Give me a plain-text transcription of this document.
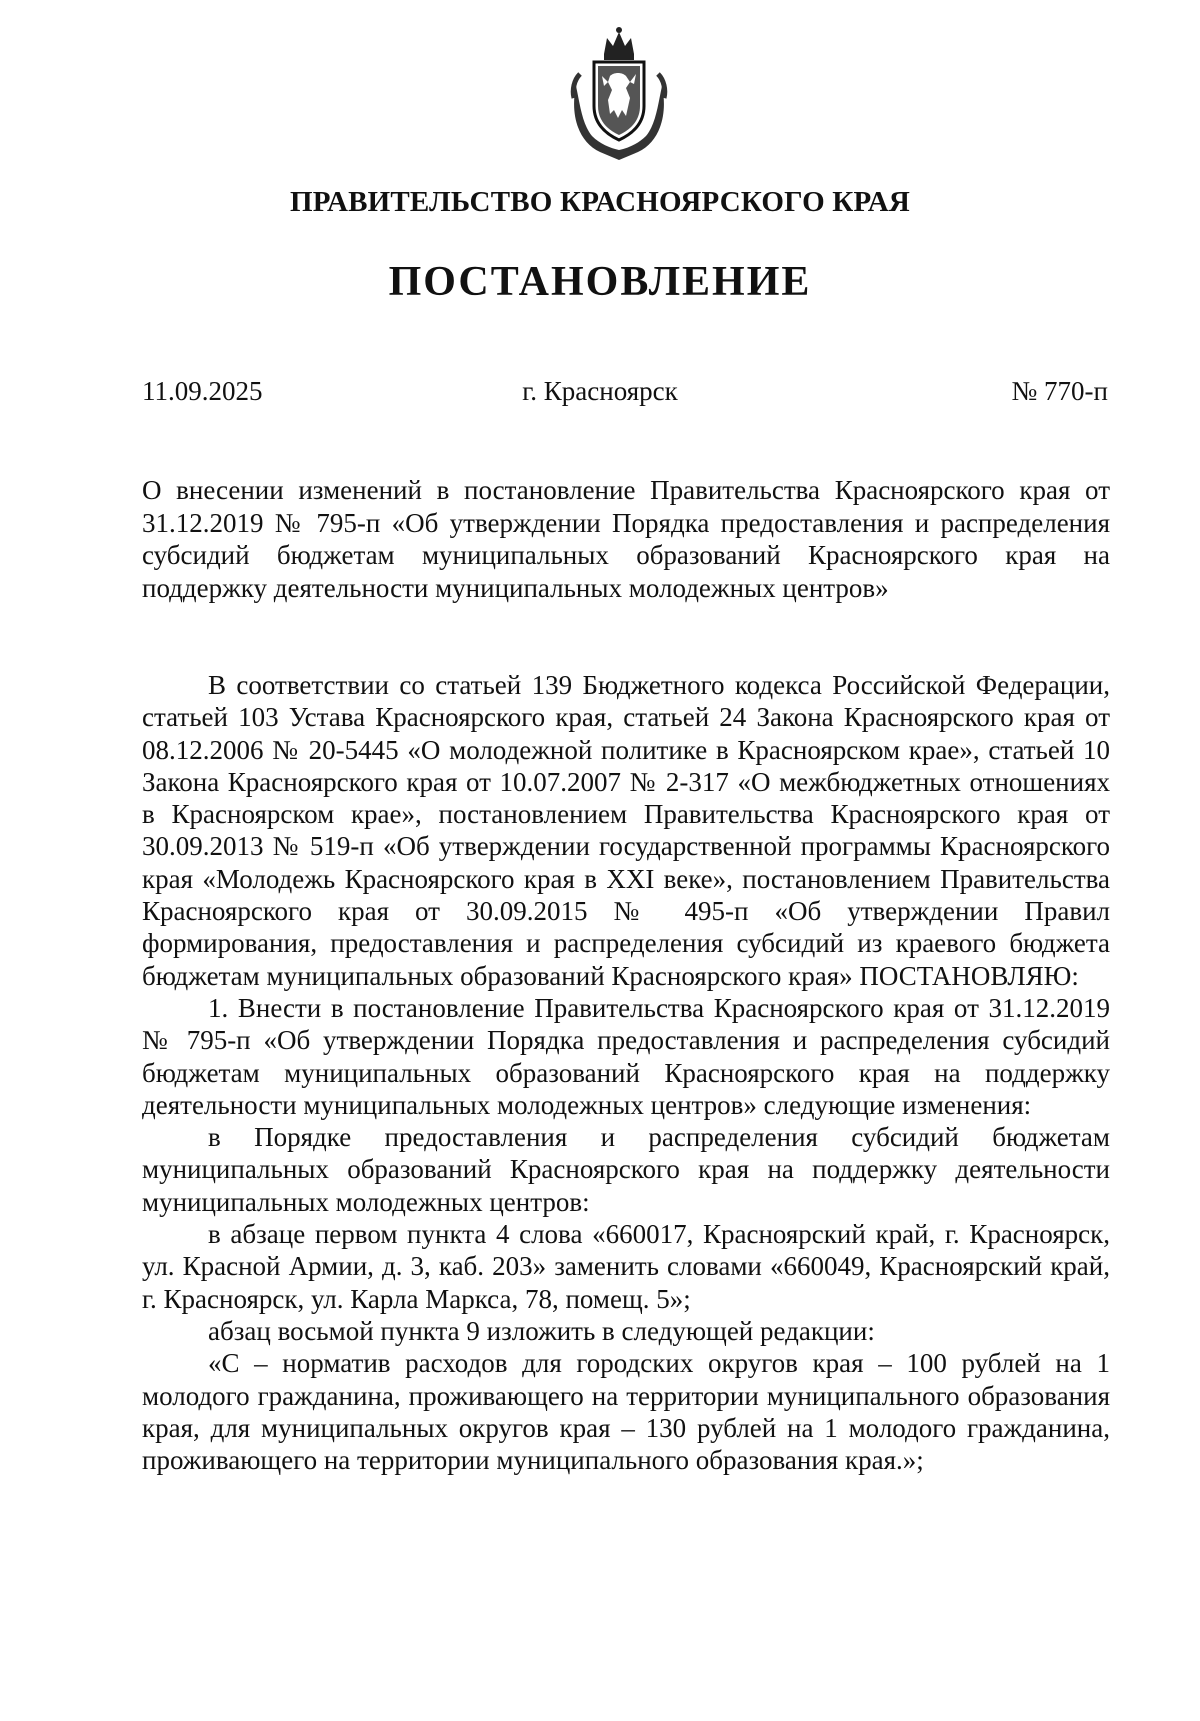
ПРАВИТЕЛЬСТВО КРАСНОЯРСКОГО КРАЯ
ПОСТАНОВЛЕНИЕ
11.09.2025	г. Красноярск	№ 770-п
О внесении изменений в постановление Правительства Красноярского края от 31.12.2019 № 795-п «Об утверждении Порядка предоставления и распределения субсидий бюджетам муниципальных образований Красноярского края на поддержку деятельности муниципальных молодежных центров»

В соответствии со статьей 139 Бюджетного кодекса Российской Федерации, статьей 103 Устава Красноярского края, статьей 24 Закона Красноярского края от 08.12.2006 № 20-5445 «О молодежной политике в Красноярском крае», статьей 10 Закона Красноярского края от 10.07.2007 № 2-317 «О межбюджетных отношениях в Красноярском крае», постановлением Правительства Красноярского края от 30.09.2013 № 519-п «Об утверждении государственной программы Красноярского края «Молодежь Красноярского края в XXI веке», постановлением Правительства Красноярского края от 30.09.2015 № 495-п «Об утверждении Правил формирования, предоставления и распределения субсидий из краевого бюджета бюджетам муниципальных образований Красноярского края» ПОСТАНОВЛЯЮ:

1. Внести в постановление Правительства Красноярского края от 31.12.2019 № 795-п «Об утверждении Порядка предоставления и распределения субсидий бюджетам муниципальных образований Красноярского края на поддержку деятельности муниципальных молодежных центров» следующие изменения:

в Порядке предоставления и распределения субсидий бюджетам муниципальных образований Красноярского края на поддержку деятельности муниципальных молодежных центров:

в абзаце первом пункта 4 слова «660017, Красноярский край, г. Красноярск, ул. Красной Армии, д. 3, каб. 203» заменить словами «660049, Красноярский край, г. Красноярск, ул. Карла Маркса, 78, помещ. 5»;

абзац восьмой пункта 9 изложить в следующей редакции:

«С – норматив расходов для городских округов края – 100 рублей на 1 молодого гражданина, проживающего на территории муниципального образования края, для муниципальных округов края – 130 рублей на 1 молодого гражданина, проживающего на территории муниципального образования края.»;
